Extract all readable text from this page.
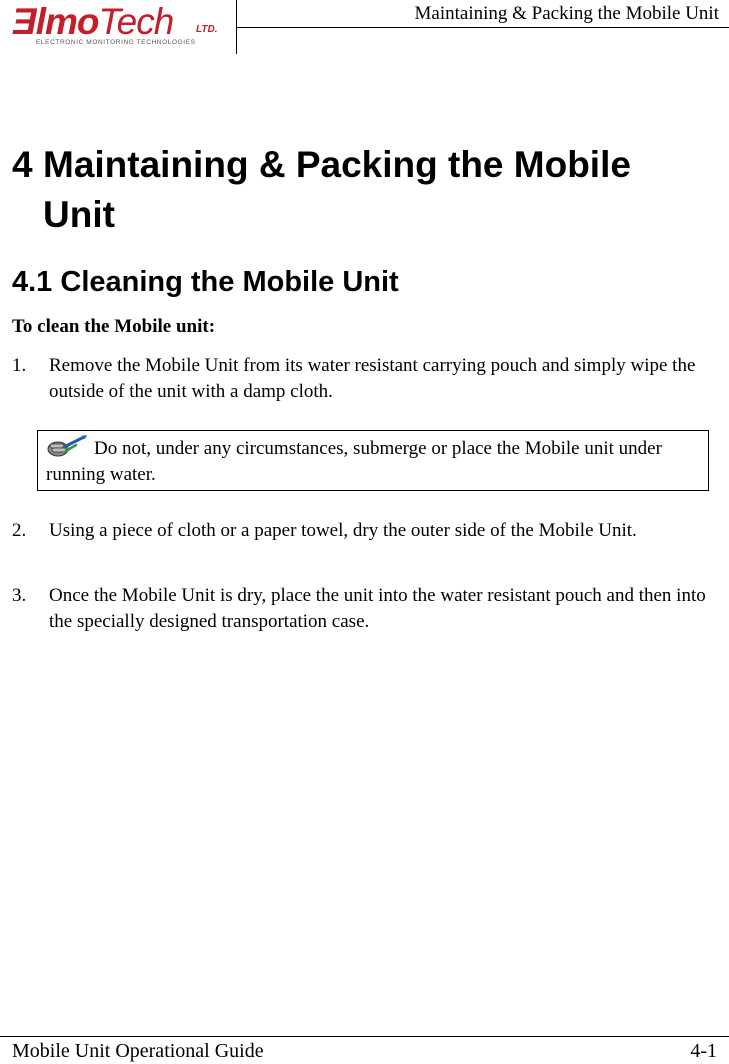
ƎlmoTech LTD.
ELECTRONIC MONITORING TECHNOLOGIES
Maintaining & Packing the Mobile Unit
4 Maintaining & Packing the Mobile
Unit
4.1 Cleaning the Mobile Unit

To clean the Mobile unit:

1.	Remove the Mobile Unit from its water resistant carrying pouch and simply wipe the outside of the unit with a damp cloth.
Do not, under any circumstances, submerge or place the Mobile unit under running water.
2.	Using a piece of cloth or a paper towel, dry the outer side of the Mobile Unit.
3.	Once the Mobile Unit is dry, place the unit into the water resistant pouch and then into the specially designed transportation case.
Mobile Unit Operational Guide	4-1
